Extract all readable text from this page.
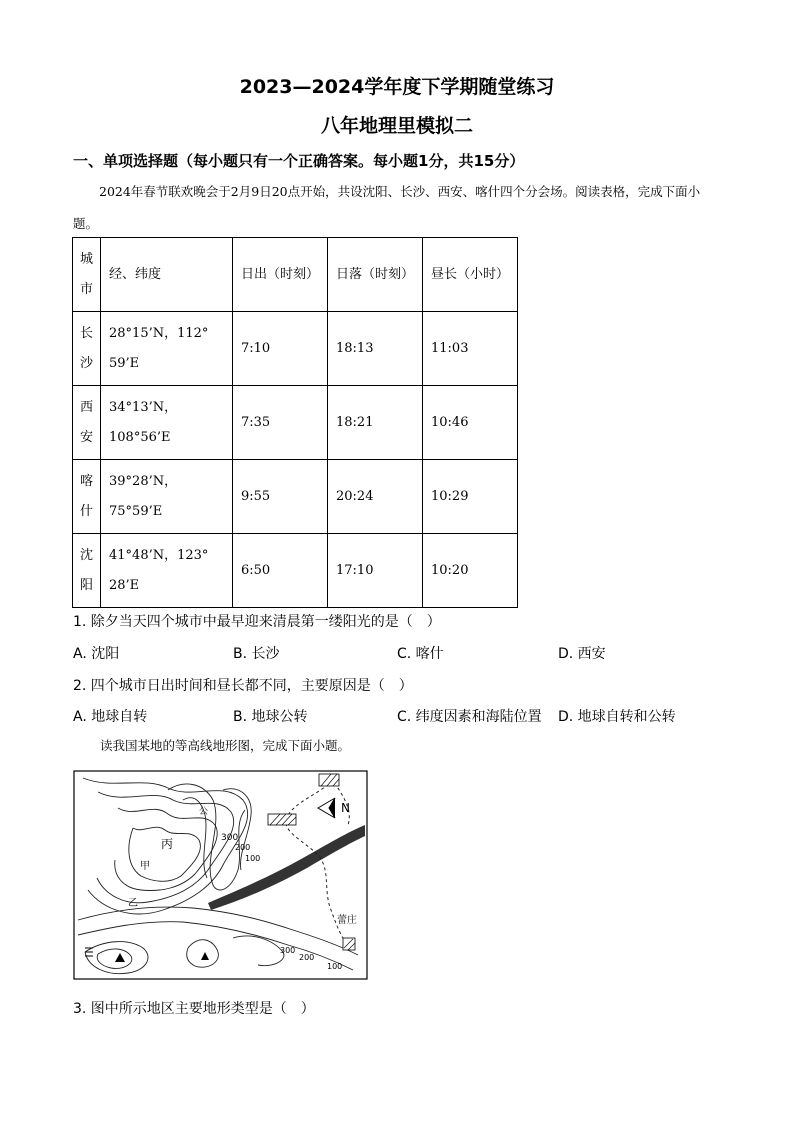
2023—2024学年度下学期随堂练习
八年地理里模拟二
一、单项选择题（每小题只有一个正确答案。每小题1分，共15分）
2024年春节联欢晚会于2月9日20点开始，共设沈阳、长沙、西安、喀什四个分会场。阅读表格，完成下面小题。
城市	经、纬度	日出（时刻）	日落（时刻）	昼长（小时）
长沙	28°15’N，112° 59’E	7:10	18:13	11:03
西安	34°13’N，108°56’E	7:35	18:21	10:46
喀什	39°28’N，75°59’E	9:55	20:24	10:29
沈阳	41°48’N，123° 28’E	6:50	17:10	10:20
1. 除夕当天四个城市中最早迎来清晨第一缕阳光的是（　）
A. 沈阳	B. 长沙	C. 喀什	D. 西安
2. 四个城市日出时间和昼长都不同，主要原因是（　）
A. 地球自转	B. 地球公转	C. 纬度因素和海陆位置 D. 地球自转和公转
读我国某地的等高线地形图，完成下面小题。
N
300
200
100
300
200
100
丙
甲
乙
蕾庄
公
3. 图中所示地区主要地形类型是（　）
